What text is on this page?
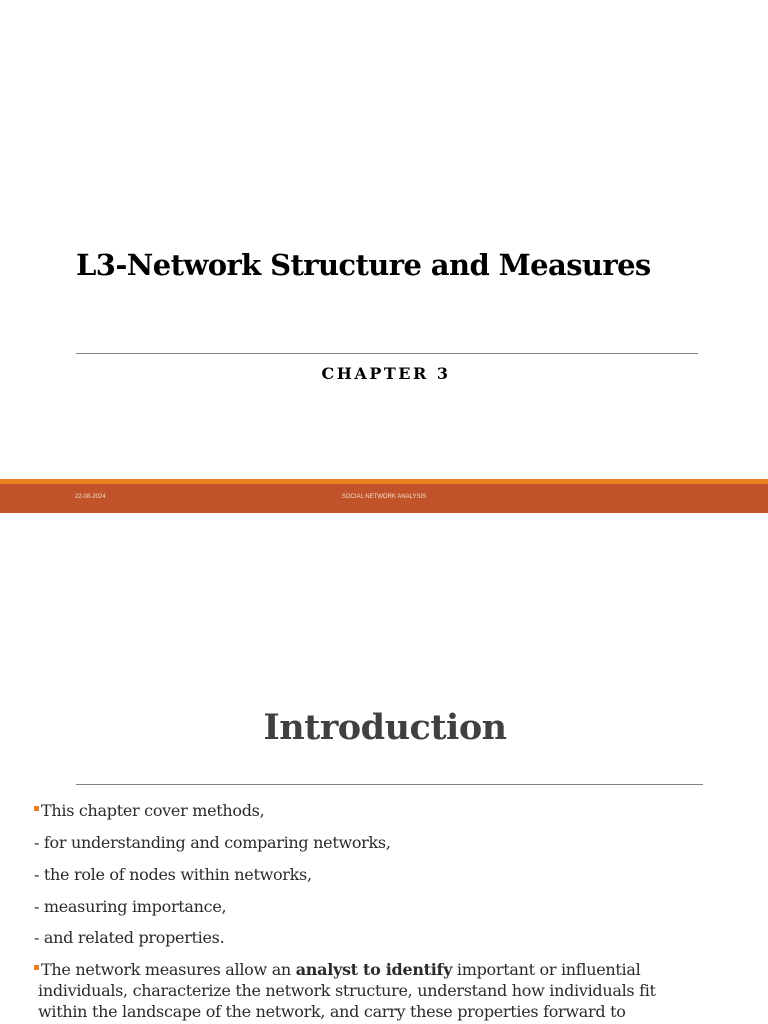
L3-Network Structure and Measures
CHAPTER 3
22-08-2024	SOCIAL NETWORK ANALYSIS
Introduction
This chapter cover methods,
- for understanding and comparing networks,
- the role of nodes within networks,
- measuring importance,
- and related properties.
The network measures allow an analyst to identify important or influential
individuals, characterize the network structure, understand how individuals fit
within the landscape of the network, and carry these properties forward to
